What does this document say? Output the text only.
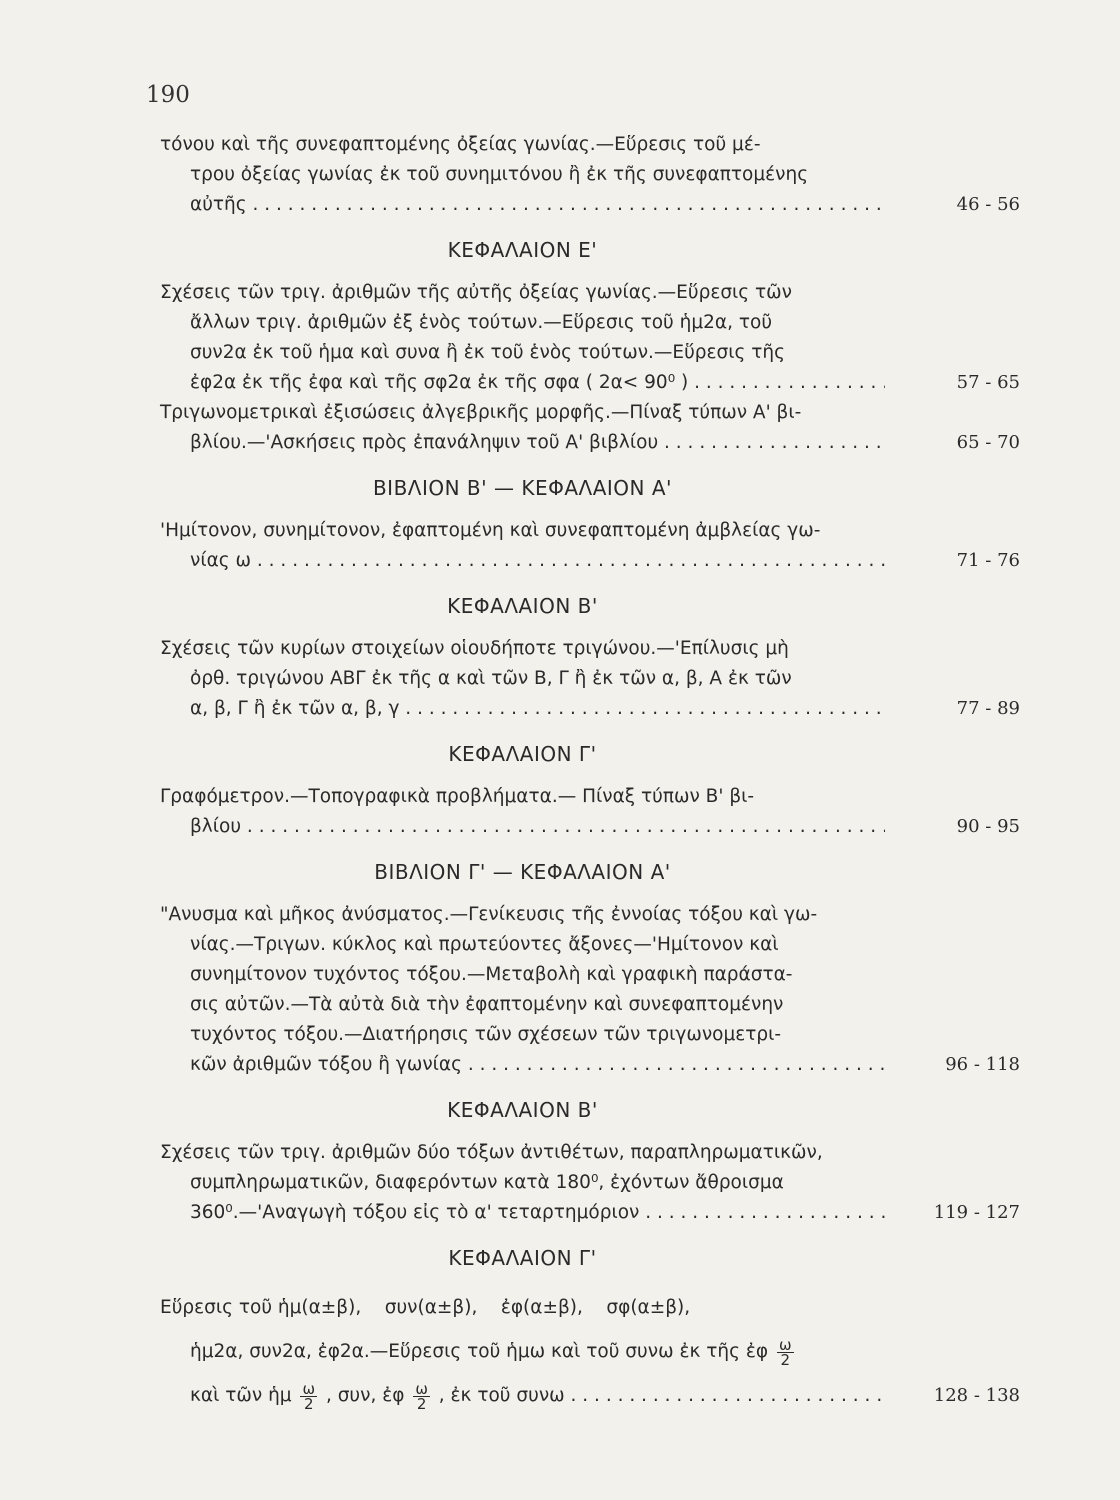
190
τόνου καὶ τῆς συνεφαπτομένης ὀξείας γωνίας.—Εὕρεσις τοῦ μέ-
τρου ὀξείας γωνίας ἐκ τοῦ συνημιτόνου ἢ ἐκ τῆς συνεφαπτομένης
αὐτῆς . . .	46 - 56
ΚΕΦΑΛΑΙΟΝ Ε'
Σχέσεις τῶν τριγ. ἀριθμῶν τῆς αὐτῆς ὀξείας γωνίας.—Εὕρεσις τῶν
ἄλλων τριγ. ἀριθμῶν ἐξ ἑνὸς τούτων.—Εὕρεσις τοῦ ἡμ2α, τοῦ
συν2α ἐκ τοῦ ἡμα καὶ συνα ἢ ἐκ τοῦ ἑνὸς τούτων.—Εὕρεσις τῆς
ἐφ2α ἐκ τῆς ἐφα καὶ τῆς σφ2α ἐκ τῆς σφα ( 2α< 90⁰ ) . . .	57 - 65
Τριγωνομετρικαὶ ἐξισώσεις ἀλγεβρικῆς μορφῆς.—Πίναξ τύπων Α' βι-
βλίου.—'Ασκήσεις πρὸς ἐπανάληψιν τοῦ Α' βιβλίου . . .	65 - 70
ΒΙΒΛΙΟΝ Β' — ΚΕΦΑΛΑΙΟΝ Α'
'Ημίτονον, συνημίτονον, ἐφαπτομένη καὶ συνεφαπτομένη ἀμβλείας γω-
νίας ω . . .	71 - 76
ΚΕΦΑΛΑΙΟΝ Β'
Σχέσεις τῶν κυρίων στοιχείων οἱουδήποτε τριγώνου.—'Επίλυσις μὴ
ὀρθ. τριγώνου ΑΒΓ ἐκ τῆς α καὶ τῶν Β, Γ ἢ ἐκ τῶν α, β, Α ἐκ τῶν
α, β, Γ ἢ ἐκ τῶν α, β, γ . . .	77 - 89
ΚΕΦΑΛΑΙΟΝ Γ'
Γραφόμετρον.—Τοπογραφικὰ προβλήματα.— Πίναξ τύπων Β' βι-
βλίου . . .	90 - 95
ΒΙΒΛΙΟΝ Γ' — ΚΕΦΑΛΑΙΟΝ Α'
"Ανυσμα καὶ μῆκος ἀνύσματος.—Γενίκευσις τῆς ἐννοίας τόξου καὶ γω-
νίας.—Τριγων. κύκλος καὶ πρωτεύοντες ἄξονες—'Ημίτονον καὶ
συνημίτονον τυχόντος τόξου.—Μεταβολὴ καὶ γραφικὴ παράστα-
σις αὐτῶν.—Τὰ αὐτὰ διὰ τὴν ἐφαπτομένην καὶ συνεφαπτομένην
τυχόντος τόξου.—Διατήρησις τῶν σχέσεων τῶν τριγωνομετρι-
κῶν ἀριθμῶν τόξου ἢ γωνίας . . .	96 - 118
ΚΕΦΑΛΑΙΟΝ Β'
Σχέσεις τῶν τριγ. ἀριθμῶν δύο τόξων ἀντιθέτων, παραπληρωματικῶν,
συμπληρωματικῶν, διαφερόντων κατὰ 180⁰, ἐχόντων ἄθροισμα
360⁰.—'Αναγωγὴ τόξου εἰς τὸ α' τεταρτημόριον . . .	119 - 127
ΚΕΦΑΛΑΙΟΝ Γ'
Εὕρεσις τοῦ ἡμ(α±β),    συν(α±β),    ἐφ(α±β),    σφ(α±β),
ἡμ2α, συν2α, ἐφ2α.—Εὕρεσις τοῦ ἡμω καὶ τοῦ συνω ἐκ τῆς ἐφ $\frac{\omega}{2}$
καὶ τῶν ἡμ $\frac{\omega}{2}$ , συν, ἐφ $\frac{\omega}{2}$ , ἐκ τοῦ συνω . . .	128 - 138
